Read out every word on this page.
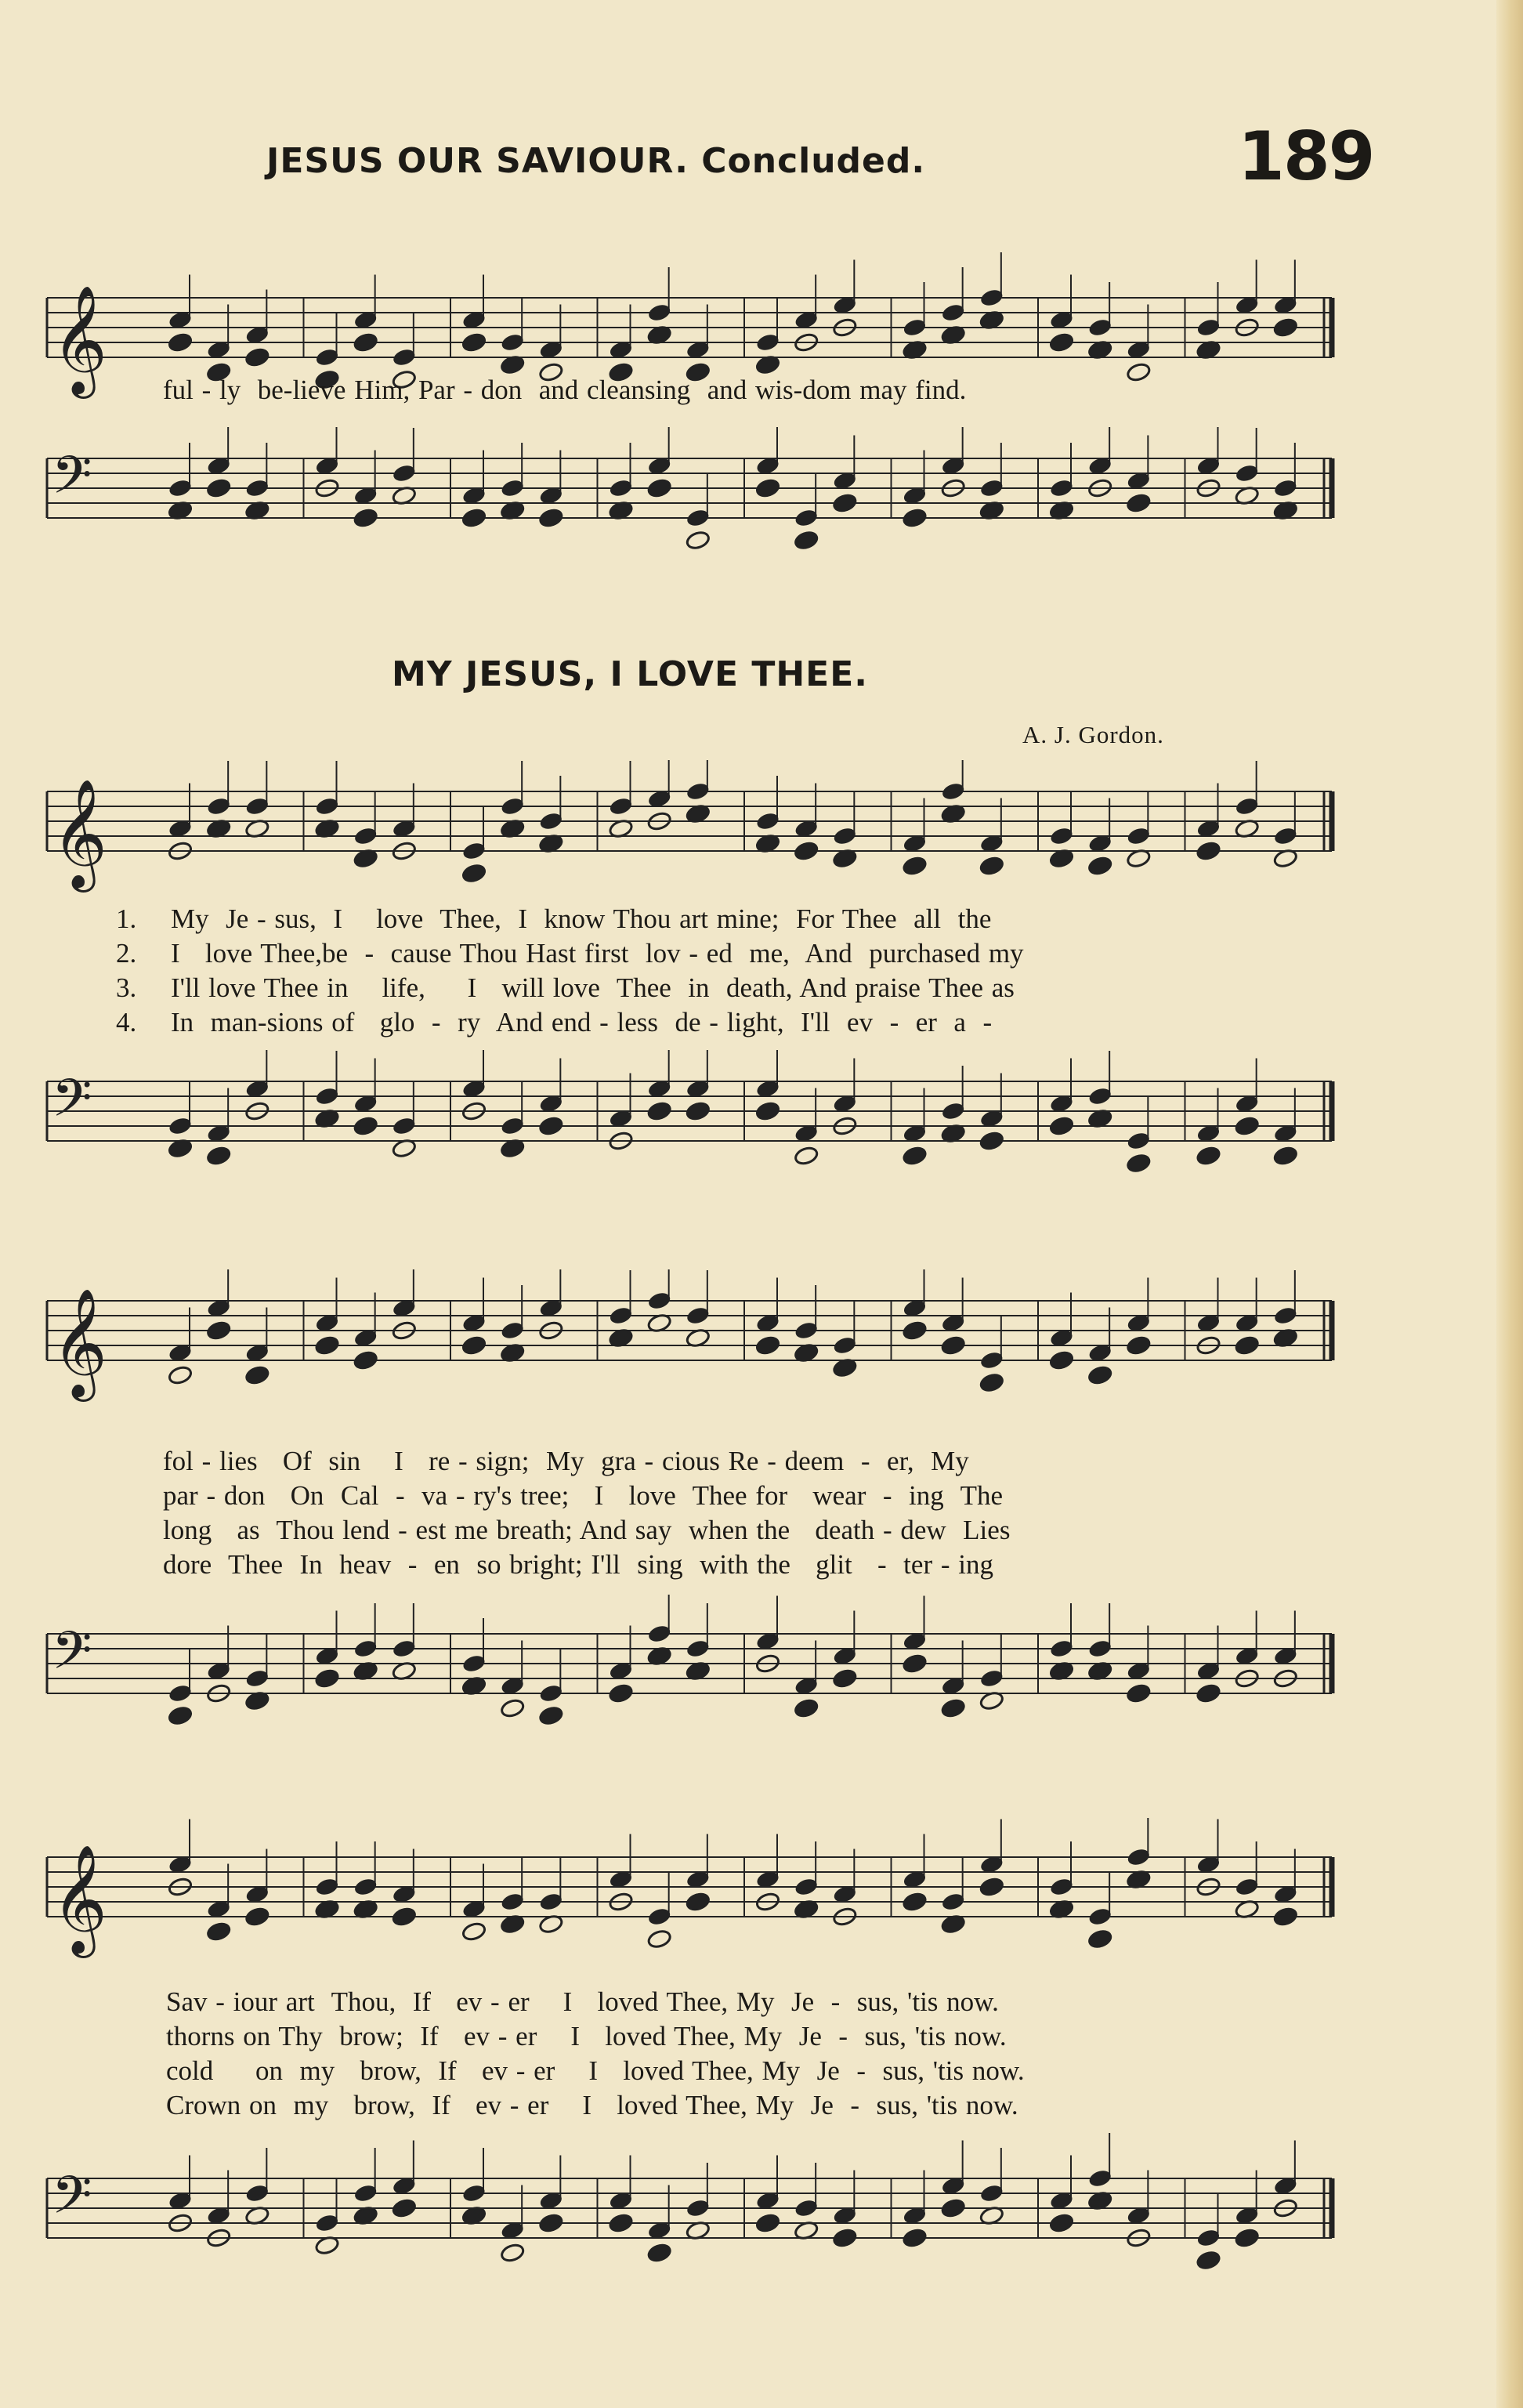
189
JESUS OUR SAVIOUR. Concluded.
𝄞 ful - ly  be-lieve Him, Par - don  and cleansing  and wis-dom may find.
𝄢
MY JESUS, I LOVE THEE.
A. J. Gordon.
𝄞
1.
2.
3.
4.
My  Je - sus,  I    love  Thee,  I  know Thou art mine;  For Thee  all  the
I   love Thee,be  -  cause Thou Hast first  lov - ed  me,  And  purchased my
I'll love Thee in    life,     I   will love  Thee  in  death, And praise Thee as
In  man-sions of   glo  -  ry  And end - less  de - light,  I'll  ev  -  er  a  -
𝄢
𝄞
fol - lies   Of  sin    I   re - sign;  My  gra - cious Re - deem  -  er,  My
par - don   On  Cal  -  va - ry's tree;   I   love  Thee for   wear  -  ing  The
long   as  Thou lend - est me breath; And say  when the   death - dew  Lies
dore  Thee  In  heav  -  en  so bright; I'll  sing  with the   glit   -  ter - ing
𝄢
𝄞
Sav - iour art  Thou,  If   ev - er    I   loved Thee, My  Je  -  sus, 'tis now.
thorns on Thy  brow;  If   ev - er    I   loved Thee, My  Je  -  sus, 'tis now.
cold     on  my   brow,  If   ev - er    I   loved Thee, My  Je  -  sus, 'tis now.
Crown on  my   brow,  If   ev - er    I   loved Thee, My  Je  -  sus, 'tis now.
𝄢
